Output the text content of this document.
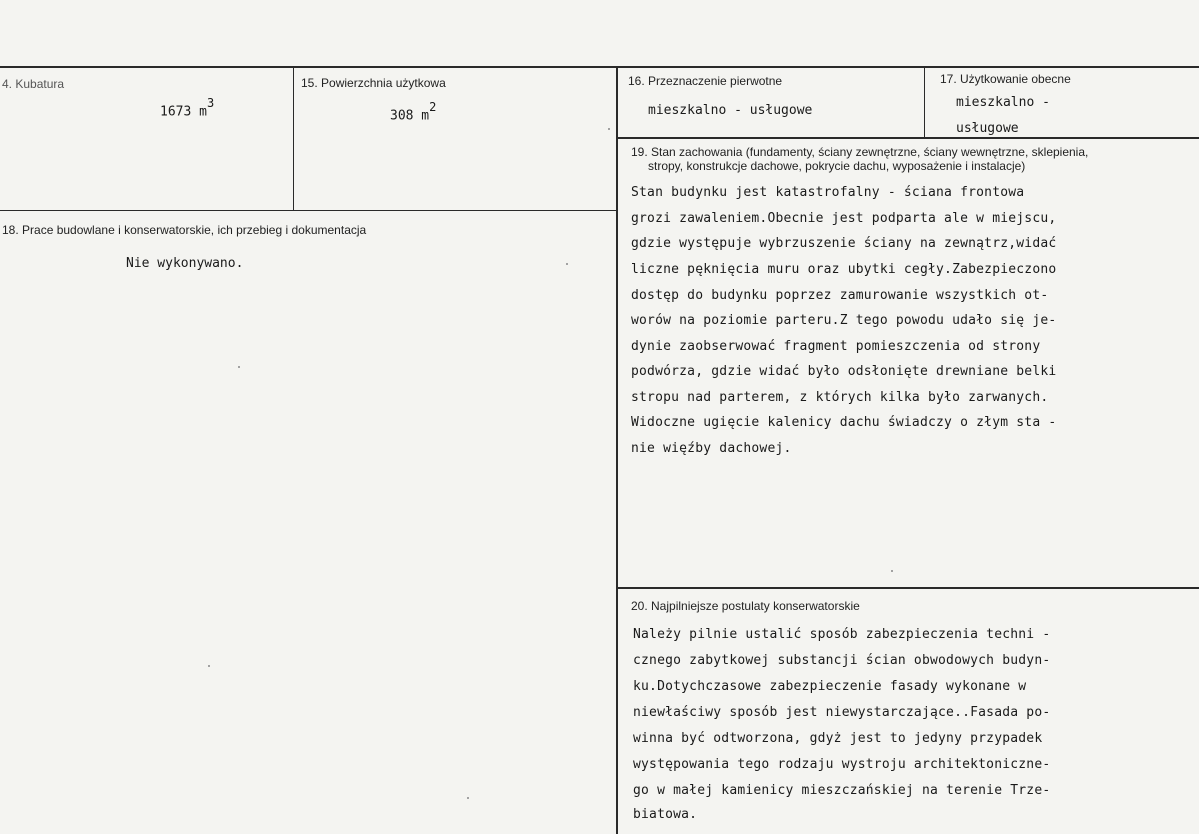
4. Kubatura
1673 $m^3$
15. Powierzchnia użytkowa
308 $m^2$
16. Przeznaczenie pierwotne
mieszkalno - usługowe
17. Użytkowanie obecne
mieszkalno -
usługowe
18. Prace budowlane i konserwatorskie, ich przebieg i dokumentacja
Nie wykonywano.
19. Stan zachowania (fundamenty, ściany zewnętrzne, ściany wewnętrzne, sklepienia,
stropy, konstrukcje dachowe, pokrycie dachu, wyposażenie i instalacje)
Stan budynku jest katastrofalny - ściana frontowa
grozi zawaleniem.Obecnie jest podparta ale w miejscu,
gdzie występuje wybrzuszenie ściany na zewnątrz,widać
liczne pęknięcia muru oraz ubytki cegły.Zabezpieczono
dostęp do budynku poprzez zamurowanie wszystkich ot-
worów na poziomie parteru.Z tego powodu udało się je-
dynie zaobserwować fragment pomieszczenia od strony
podwórza, gdzie widać było odsłonięte drewniane belki
stropu nad parterem, z których kilka było zarwanych.
Widoczne ugięcie kalenicy dachu świadczy o złym sta -
nie więźby dachowej.
20. Najpilniejsze postulaty konserwatorskie
Należy pilnie ustalić sposób zabezpieczenia techni -
cznego zabytkowej substancji ścian obwodowych budyn-
ku.Dotychczasowe zabezpieczenie fasady wykonane w
niewłaściwy sposób jest niewystarczające..Fasada po-
winna być odtworzona, gdyż jest to jedyny przypadek
występowania tego rodzaju wystroju architektoniczne-
go w małej kamienicy mieszczańskiej na terenie Trze-
biatowa.
